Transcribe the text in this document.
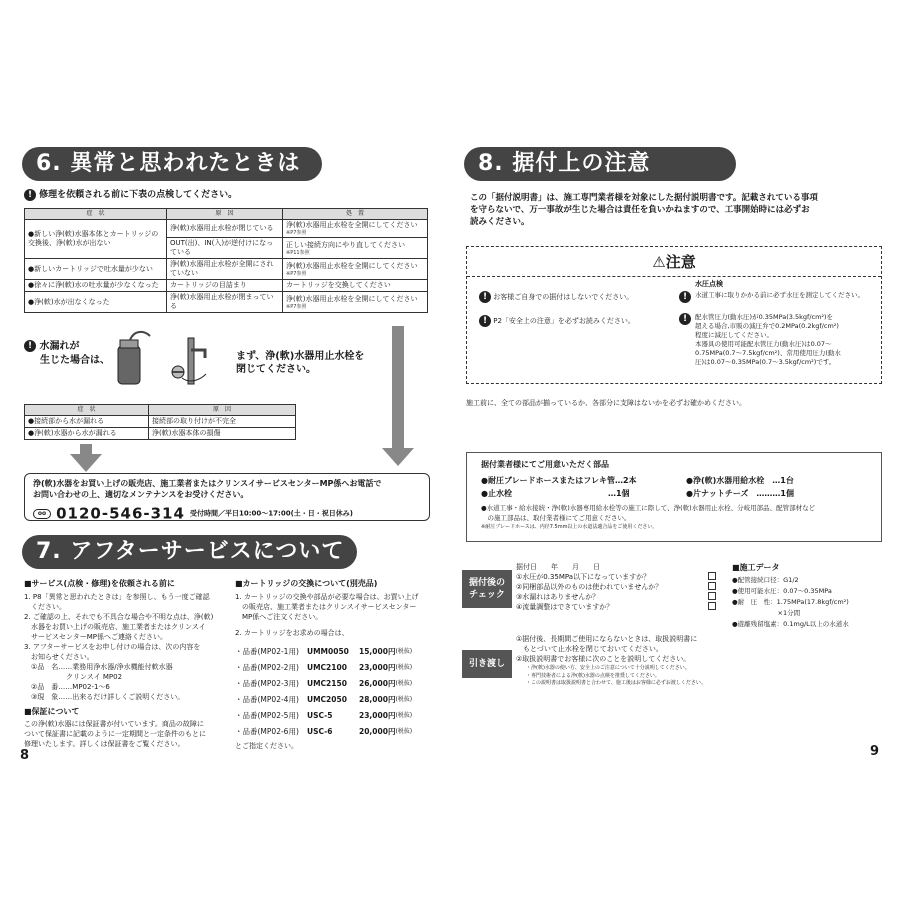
6. 異常と思われたときは
! 修理を依頼される前に下表の点検してください。
症　状	原　因	処　置
●新しい浄(軟)水器本体とカートリッジの交換後、浄(軟)水が出ない	浄(軟)水器用止水栓が閉じている	浄(軟)水器用止水栓を全開にしてください
※P7参照

	OUT(出)、IN(入)が逆付けになっている	正しい接続方向にやり直してください
※P11参照

●新しいカートリッジで吐水量が少ない	浄(軟)水器用止水栓が全開にされていない	浄(軟)水器用止水栓を全開にしてください
※P7参照

●徐々に浄(軟)水の吐水量が少なくなった	カートリッジの目詰まり	カートリッジを交換してください
●浄(軟)水が出なくなった	浄(軟)水器用止水栓が閉まっている	浄(軟)水器用止水栓を全開にしてください
※P7参照
! 水漏れが
生じた場合は、	まず、浄(軟)水器用止水栓を
閉じてください。
症　状	原　因
●接続部から水が漏れる	接続部の取り付けが不完全
●浄(軟)水器から水が漏れる	浄(軟)水器本体の損傷
浄(軟)水器をお買い上げの販売店、施工業者またはクリンスイサービスセンターMP係へお電話で
お問い合わせの上、適切なメンテナンスをお受けください。
oo 0120-546-314 受付時間／平日10:00～17:00(土・日・祝日休み)
7. アフターサービスについて
■サービス(点検・修理)を依頼される前に
1. P8「異常と思われたときは」を参照し、もう一度ご確認
　ください。
2. ご確認の上、それでも不具合な場合や不明な点は、浄(軟)
　水器をお買い上げの販売店、施工業者またはクリンスイ
　サービスセンターMP係へご連絡ください。
3. アフターサービスをお申し付けの場合は、次の内容を
　お知らせください。
　①品　名……業務用浄水器/浄水機能付軟水器
　　　　　　クリンスイ MP02
　②品　番……MP02-1～6
　③現　象……出来るだけ詳しくご説明ください。
■保証について
この浄(軟)水器には保証書が付いています。商品の故障に
ついて保証書に記載のように一定期間と一定条件のもとに
修理いたします。詳しくは保証書をご覧ください。
■カートリッジの交換について(別売品)
1. カートリッジの交換や部品が必要な場合は、お買い上げ
　の販売店、施工業者またはクリンスイサービスセンター
　MP係へご注文ください。
2. カートリッジをお求めの場合は、
・品番(MP02-1用)	UMM0050	15,000円 (税抜)
・品番(MP02-2用)	UMC2100	23,000円 (税抜)
・品番(MP02-3用)	UMC2150	26,000円 (税抜)
・品番(MP02-4用)	UMC2050	28,000円 (税抜)
・品番(MP02-5用)	USC-5	23,000円 (税抜)
・品番(MP02-6用)	USC-6	20,000円 (税抜)
とご指定ください。
8
8. 据付上の注意
この「据付説明書」は、施工専門業者様を対象にした据付説明書です。記載されている事項
を守らないで、万一事故が生じた場合は責任を負いかねますので、工事開始時には必ずお
読みください。
⚠注意
! お客様ご自身での据付はしないでください。
! P2「安全上の注意」を必ずお読みください。
水圧点検
!	水道工事に取りかかる前に必ず水圧を測定してください。
!	配水管圧力(動水圧)が0.35MPa(3.5kgf/cm²)を
超える場合,市販の減圧弁で0.2MPa(0.2kgf/cm²)
程度に減圧してください。
本器具の使用可能配水管圧力(動水圧)は0.07～
0.75MPa(0.7～7.5kgf/cm²)、常用使用圧力(動水
圧)は0.07～0.35MPa(0.7～3.5kgf/cm²)です。
施工前に、全ての部品が揃っているか、各部分に支障はないかを必ずお確かめください。
据付業者様にてご用意いただく部品
●耐圧ブレードホースまたはフレキ管…2本	●浄(軟)水器用給水栓　…1台
●止水栓　　　　　　　　　　　　…1個	●片ナットチーズ　………1個
●水道工事・給水接続・浄(軟)水器専用給水栓等の施工に際して、浄(軟)水器用止水栓、分岐用部品、配管部材など
　の施工部品は、取付業者様にてご用意ください。
※耐圧ブレードホースは、内径7.5mm以上の水道法適合品をご使用ください。
据付後の
チェック
据付日　　年　　月　　日
①水圧が0.35MPa以下になっていますか？
②同梱部品以外のものは使われていませんか？
③水漏れはありませんか？
④流量調整はできていますか？
■施工データ
●配管接続口径：G1/2
●使用可能水圧：0.07～0.35MPa
●耐　圧　性：1.75MPa(17.8kgf/cm²)
　　　　　　　×1分間
●遊離残留塩素：0.1mg/L以上の水道水
引き渡し
①据付後、長期間ご使用にならないときは、取扱説明書に
　もとづいて止水栓を閉じておいてください。
②取扱説明書でお客様に次のことを説明してください。
・浄(軟)水器の使い方、安全上のご注意について十分説明してください。
・専門技術者による浄(軟)水器の点検を推奨してください。
・この説明書は取扱説明書と合わせて、施工後はお客様に必ずお渡しください。
9
